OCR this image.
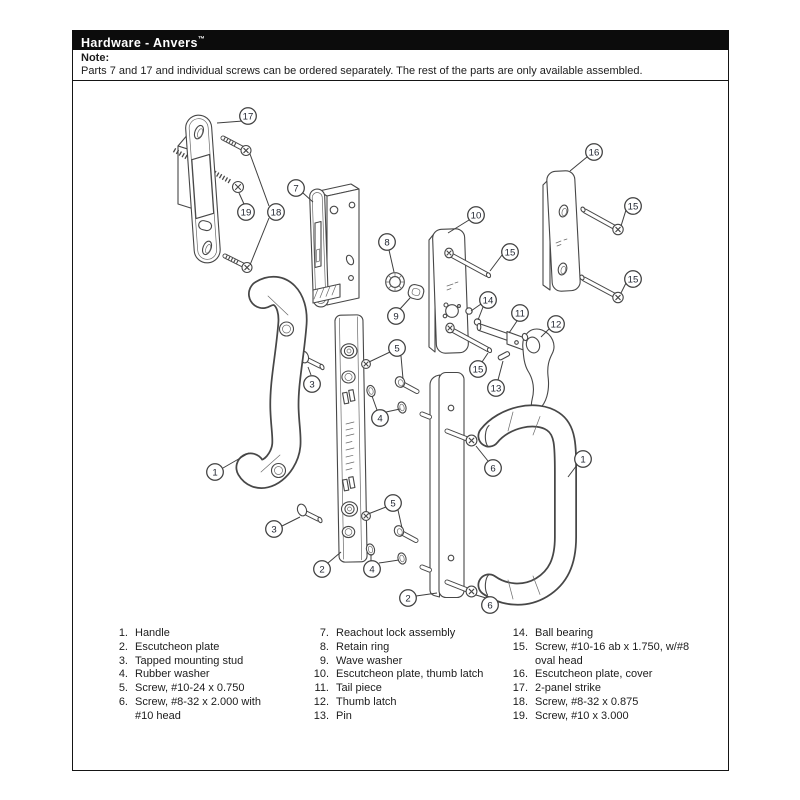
Hardware - Anvers™
Note:
Parts 7 and 17 and individual screws can be ordered separately. The rest of the parts are only available assembled.
17
19 18
7
8
9
10
15
16
15
15
14
11
12
13
15
3
5
4
1
3
5
4
2
2
6
6
1
1. Handle
2. Escutcheon plate
3. Tapped mounting stud
4. Rubber washer
5. Screw, #10-24 x 0.750
6. Screw, #8-32 x 2.000 with
#10 head
7. Reachout lock assembly
8. Retain ring
9. Wave washer
10. Escutcheon plate, thumb latch
11. Tail piece
12. Thumb latch
13. Pin
14. Ball bearing
15. Screw, #10-16 ab x 1.750, w/#8
oval head
16. Escutcheon plate, cover
17. 2-panel strike
18. Screw, #8-32 x 0.875
19. Screw, #10 x 3.000
